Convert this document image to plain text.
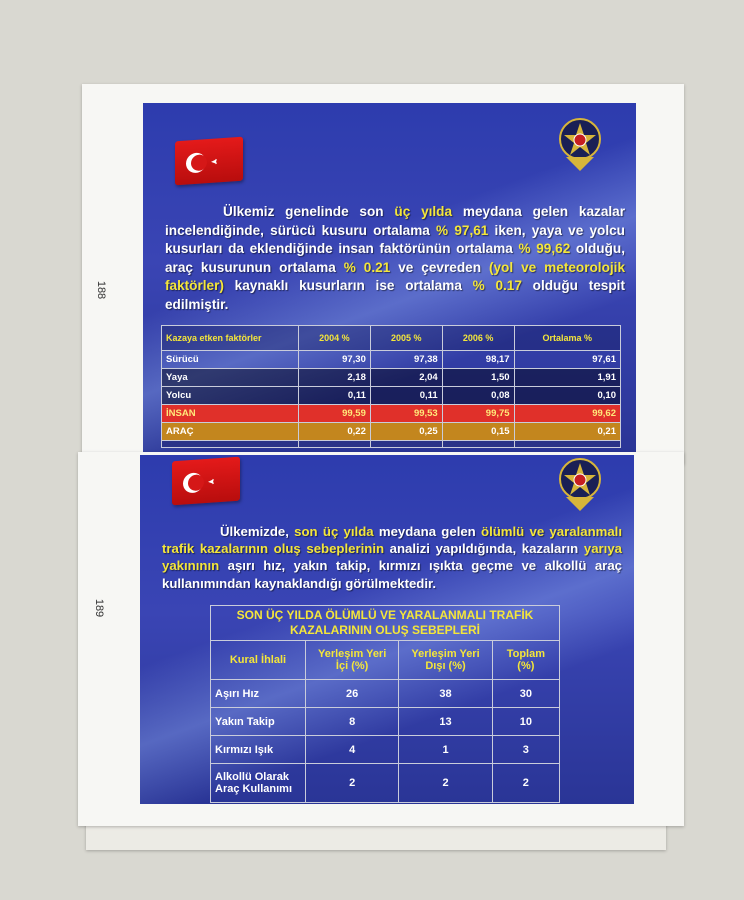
188
Ülkemiz genelinde son üç yılda meydana gelen kazalar incelendiğinde, sürücü kusuru ortalama % 97,61 iken, yaya ve yolcu kusurları da eklendiğinde insan faktörünün ortalama % 99,62 olduğu, araç kusurunun ortalama % 0.21 ve çevreden (yol ve meteorolojik faktörler) kaynaklı kusurların ise ortalama % 0.17 olduğu tespit edilmiştir.
Kazaya etken faktörler	2004 %	2005 %	2006 %	Ortalama %
Sürücü	97,30	97,38	98,17	97,61
Yaya	2,18	2,04	1,50	1,91
Yolcu	0,11	0,11	0,08	0,10
İNSAN	99,59	99,53	99,75	99,62
ARAÇ	0,22	0,25	0,15	0,21

189
Ülkemizde, son üç yılda meydana gelen ölümlü ve yaralanmalı trafik kazalarının oluş sebeplerinin analizi yapıldığında, kazaların yarıya yakınının aşırı hız, yakın takip, kırmızı ışıkta geçme ve alkollü araç kullanımından kaynaklandığı görülmektedir.
SON ÜÇ YILDA ÖLÜMLÜ VE YARALANMALI TRAFİK KAZALARININ OLUŞ SEBEPLERİ			
Kural İhlali	Yerleşim Yeri İçi (%)	Yerleşim Yeri Dışı (%)	Toplam (%)
Aşırı Hız	26	38	30
Yakın Takip	8	13	10
Kırmızı Işık	4	1	3
Alkollü Olarak Araç Kullanımı	2	2	2
